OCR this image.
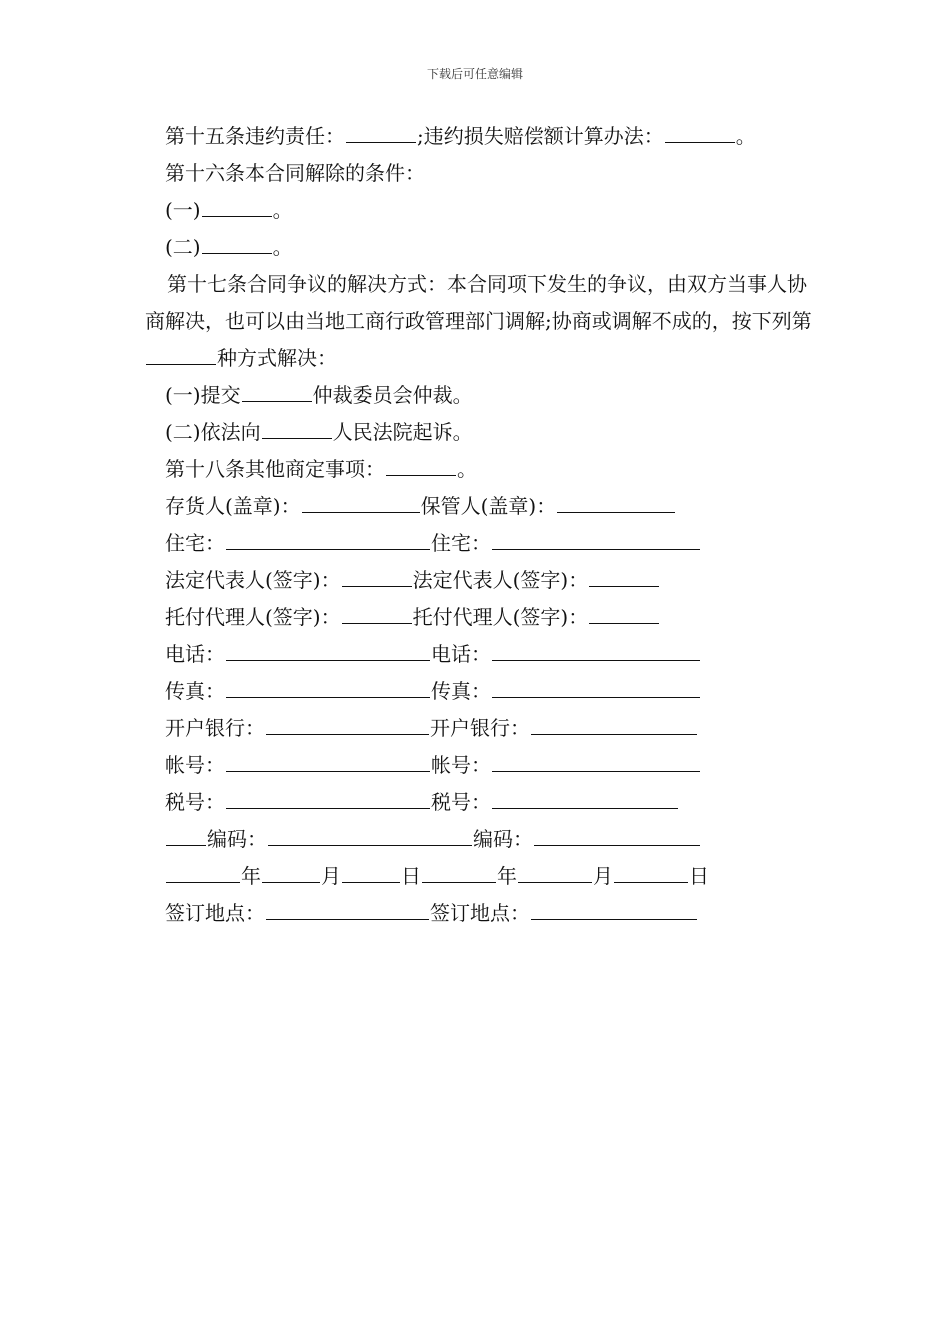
下载后可任意编辑
第十五条违约责任：	;违约损失赔偿额计算办法：	。
第十六条本合同解除的条件：
(一)	。
(二)	。
第十七条合同争议的解决方式：本合同项下发生的争议，由双方当事人协商解决，也可以由当地工商行政管理部门调解;协商或调解不成的，按下列第种方式解决：
(一)提交	仲裁委员会仲裁。
(二)依法向	人民法院起诉。
第十八条其他商定事项：	。
存货人(盖章)：	保管人(盖章)：
住宅：	住宅：
法定代表人(签字)：	法定代表人(签字)：
托付代理人(签字)：	托付代理人(签字)：
电话：	电话：
传真：	传真：
开户银行：	开户银行：
帐号：	帐号：
税号：	税号：
编码：	编码：
年	月	日	年	月	日
签订地点：	签订地点：
